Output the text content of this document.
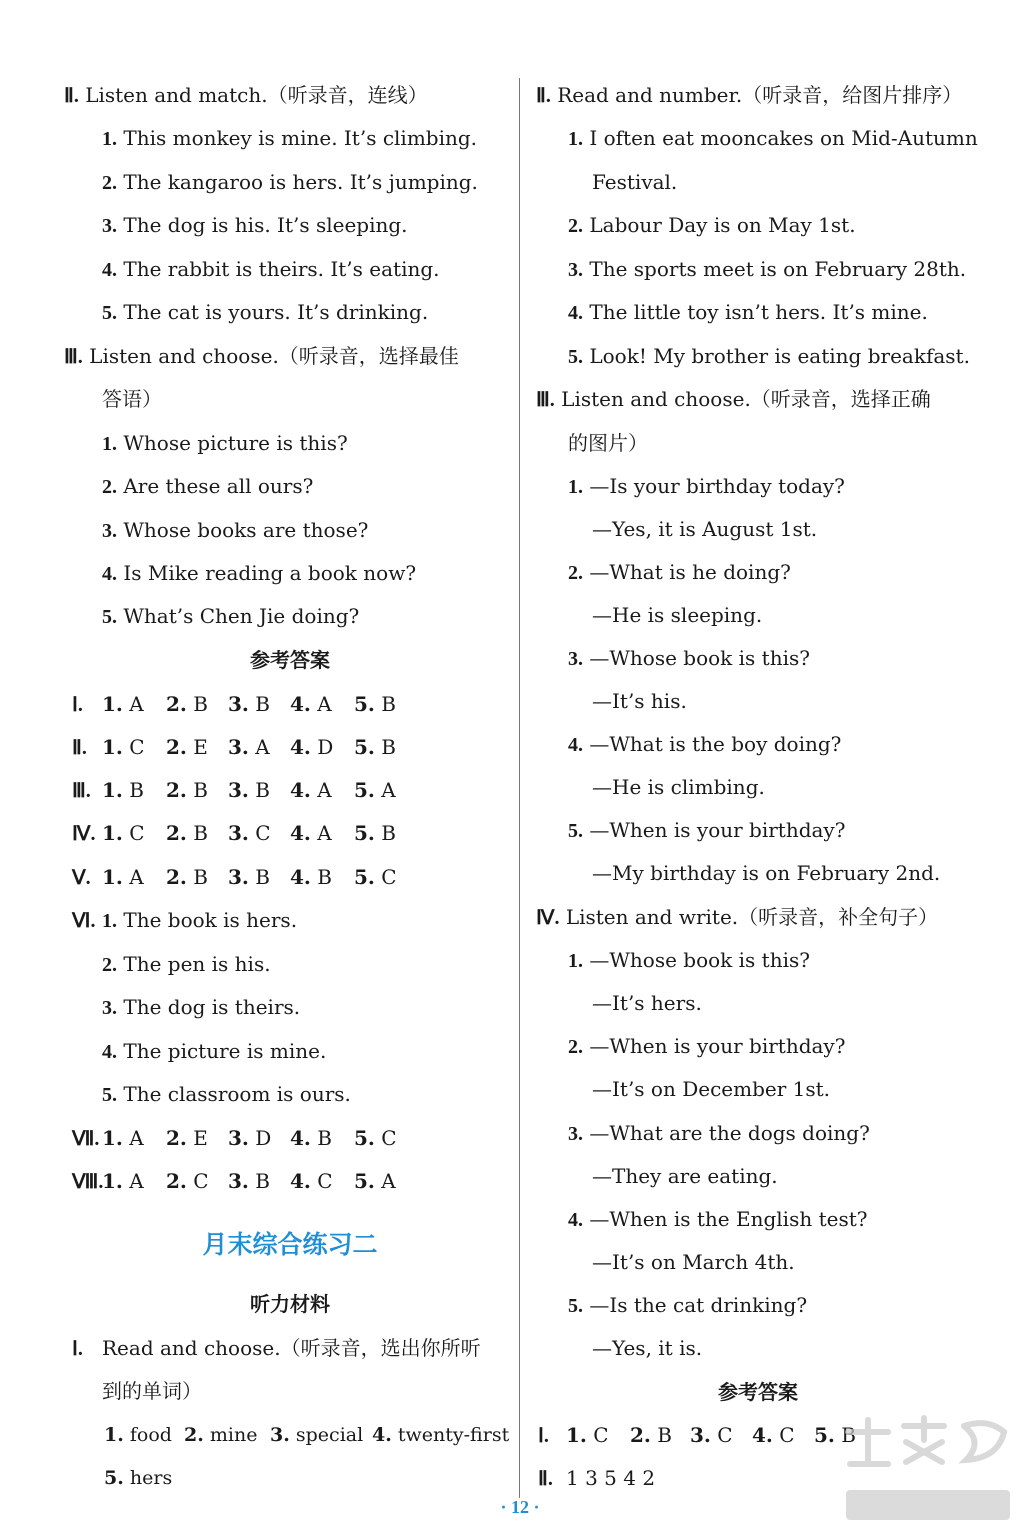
Ⅱ. Listen and match.（听录音，连线）
1. This monkey is mine. It’s climbing.
2. The kangaroo is hers. It’s jumping.
3. The dog is his. It’s sleeping.
4. The rabbit is theirs. It’s eating.
5. The cat is yours. It’s drinking.
Ⅲ. Listen and choose.（听录音，选择最佳
答语）
1. Whose picture is this?
2. Are these all ours?
3. Whose books are those?
4. Is Mike reading a book now?
5. What’s Chen Jie doing?
参考答案
Ⅰ. 1. A 2. B 3. B 4. A 5. B
Ⅱ. 1. C 2. E 3. A 4. D 5. B
Ⅲ. 1. B 2. B 3. B 4. A 5. A
Ⅳ. 1. C 2. B 3. C 4. A 5. B
Ⅴ. 1. A 2. B 3. B 4. B 5. C
Ⅵ. 1. The book is hers.
2. The pen is his.
3. The dog is theirs.
4. The picture is mine.
5. The classroom is ours.
Ⅶ. 1. A 2. E 3. D 4. B 5. C
Ⅷ.1. A 2. C 3. B 4. C 5. A
月末综合练习二
听力材料
Ⅰ. Read and choose.（听录音，选出你所听
到的单词）
1. food 2. mine 3. special 4. twenty-first
5. hers
Ⅱ. Read and number.（听录音，给图片排序）
1. I often eat mooncakes on Mid-Autumn
Festival.
2. Labour Day is on May 1st.
3. The sports meet is on February 28th.
4. The little toy isn’t hers. It’s mine.
5. Look! My brother is eating breakfast.
Ⅲ. Listen and choose.（听录音，选择正确
的图片）
1. —Is your birthday today?
—Yes, it is August 1st.
2. —What is he doing?
—He is sleeping.
3. —Whose book is this?
—It’s his.
4. —What is the boy doing?
—He is climbing.
5. —When is your birthday?
—My birthday is on February 2nd.
Ⅳ. Listen and write.（听录音，补全句子）
1. —Whose book is this?
—It’s hers.
2. —When is your birthday?
—It’s on December 1st.
3. —What are the dogs doing?
—They are eating.
4. —When is the English test?
—It’s on March 4th.
5. —Is the cat drinking?
—Yes, it is.
参考答案
Ⅰ. 1. C 2. B 3. C 4. C 5. B
Ⅱ. 1 3 5 4 2
· 12 ·
